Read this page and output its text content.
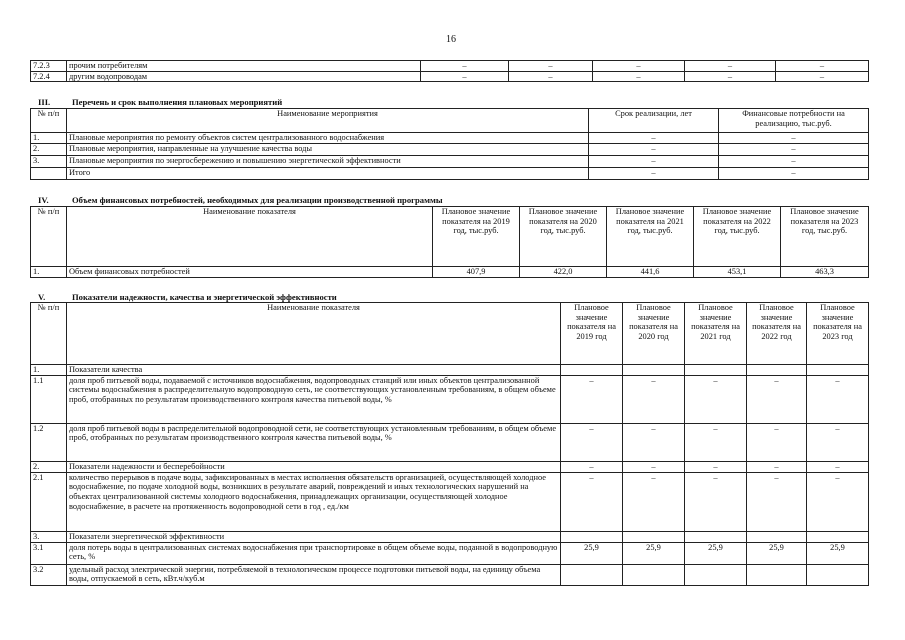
16
7.2.3	прочим потребителям	–	–	–	–	–
7.2.4	другим водопроводам	–	–	–	–	–
III.	Перечень и срок выполнения плановых мероприятий
№ п/п	Наименование мероприятия	Срок реализации, лет	Финансовые потребности на реализацию, тыс.руб.
1.	Плановые мероприятия по ремонту объектов систем централизованного водоснабжения	–	–
2.	Плановые мероприятия, направленные на улучшение качества воды	–	–
3.	Плановые мероприятия по энергосбережению и повышению энергетической эффективности	–	–
	Итого	–	–
IV.	Объем финансовых потребностей, необходимых для реализации производственной программы
№ п/п	Наименование показателя	Плановое значение показателя на 2019 год, тыс.руб.	Плановое значение показателя на 2020 год, тыс.руб.	Плановое значение показателя на 2021 год, тыс.руб.	Плановое значение показателя на 2022 год, тыс.руб.	Плановое значение показателя на 2023 год, тыс.руб.
1.	Объем финансовых потребностей	407,9	422,0	441,6	453,1	463,3
V.	Показатели надежности, качества и энергетической эффективности
№ п/п	Наименование показателя	Плановое значение показателя на 2019 год	Плановое значение показателя на 2020 год	Плановое значение показателя на 2021 год	Плановое значение показателя на 2022 год	Плановое значение показателя на 2023 год
1.	Показатели качества					
1.1	доля проб питьевой воды, подаваемой с источников водоснабжения, водопроводных станций или иных объектов централизованной системы водоснабжения в распределительную водопроводную сеть, не соответствующих установленным требованиям, в общем объеме проб, отобранных по результатам производственного контроля качества питьевой воды, %	–	–	–	–	–
1.2	доля проб питьевой воды в распределительной водопроводной сети, не соответствующих установленным требованиям, в общем объеме проб, отобранных по результатам производственного контроля качества питьевой воды, %	–	–	–	–	–
2.	Показатели надежности и бесперебойности	–	–	–	–	–
2.1	количество перерывов в подаче воды, зафиксированных в местах исполнения обязательств организацией, осуществляющей холодное водоснабжение, по подаче холодной воды, возникших в результате аварий, повреждений и иных технологических нарушений на объектах централизованной системы холодного водоснабжения, принадлежащих организации, осуществляющей холодное водоснабжение, в расчете на протяженность водопроводной сети в год , ед./км	–	–	–	–	–
3.	Показатели энергетической эффективности					
3.1	доля потерь воды в централизованных системах водоснабжения при транспортировке в общем объеме воды, поданной в водопроводную сеть, %	25,9	25,9	25,9	25,9	25,9
3.2	удельный расход электрической энергии, потребляемой в технологическом процессе подготовки питьевой воды, на единицу объема воды, отпускаемой в сеть, кВт.ч/куб.м					
